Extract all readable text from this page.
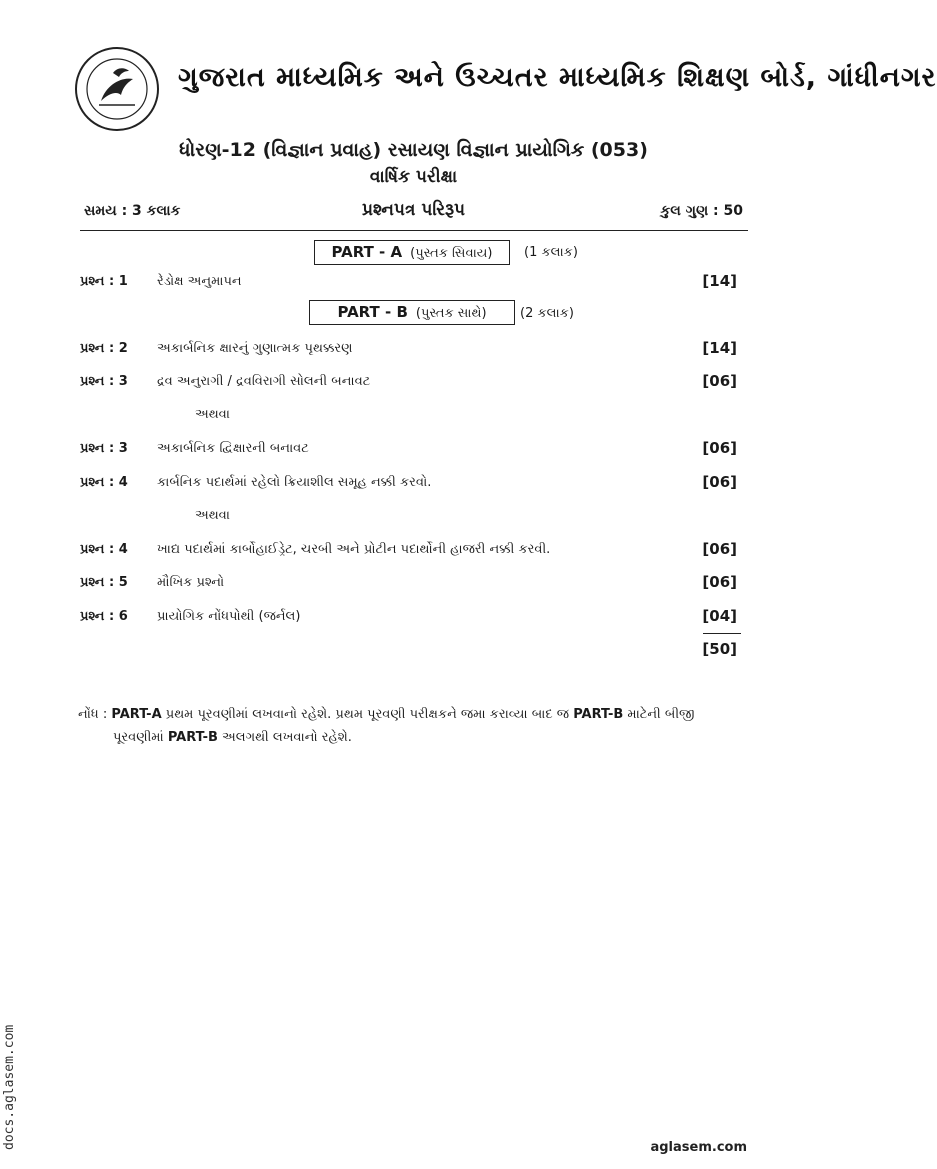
ગુજરાત માધ્યમિક અને ઉચ્ચતર માધ્યમિક શિક્ષણ બોર્ડ, ગાંધીનગર
ધોરણ-12 (વિજ્ઞાન પ્રવાહ) રસાયણ વિજ્ઞાન પ્રાયોગિક (053)
વાર્ષિક પરીક્ષા
સમય : 3 કલાક	પ્રશ્નપત્ર પરિરૂપ	કુલ ગુણ : 50
PART - A (પુસ્તક સિવાય)	(1 કલાક)
પ્રશ્ન : 1 રેડોક્ષ અનુમાપન	[14]
PART - B (પુસ્તક સાથે)	(2 કલાક)
પ્રશ્ન : 2 અકાર્બનિક ક્ષારનું ગુણાત્મક પૃથક્કરણ	[14]
પ્રશ્ન : 3 દ્રવ અનુરાગી / દ્રવવિરાગી સોલની બનાવટ	[06]
અથવા
પ્રશ્ન : 3 અકાર્બનિક દ્વિક્ષારની બનાવટ	[06]
પ્રશ્ન : 4 કાર્બનિક પદાર્થમાં રહેલો ક્રિયાશીલ સમૂહ નક્કી કરવો.	[06]
અથવા
પ્રશ્ન : 4 ખાદ્ય પદાર્થમાં કાર્બોહાઈડ્રેટ, ચરબી અને પ્રોટીન પદાર્થોની હાજરી નક્કી કરવી.	[06]
પ્રશ્ન : 5 મૌખિક પ્રશ્નો	[06]
પ્રશ્ન : 6 પ્રાયોગિક નોંધપોથી (જર્નલ)	[04]
[50]
નોંધ : PART-A પ્રથમ પૂરવણીમાં લખવાનો રહેશે. પ્રથમ પૂરવણી પરીક્ષકને જમા કરાવ્યા બાદ જ PART-B માટેની બીજી
પૂરવણીમાં PART-B અલગથી લખવાનો રહેશે.
docs.aglasem.com	aglasem.com
